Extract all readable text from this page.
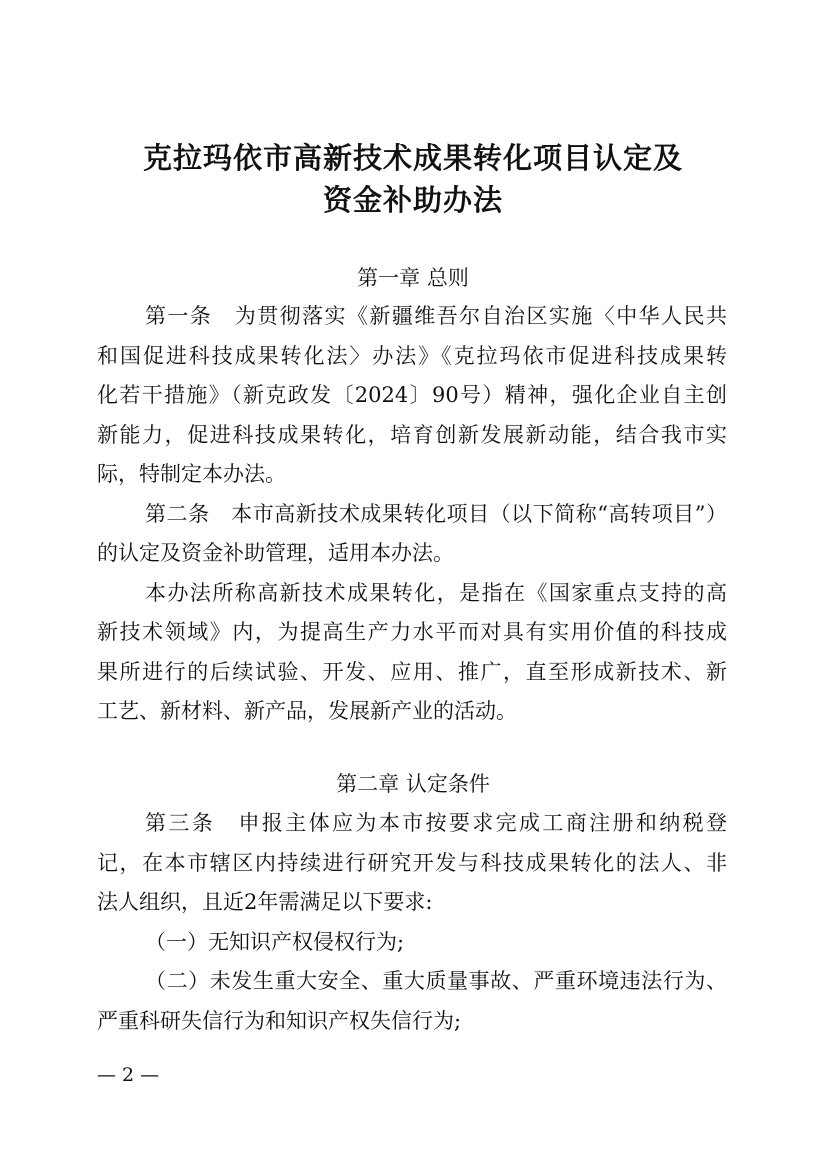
克拉玛依市高新技术成果转化项目认定及
资金补助办法
第一章 总则
第一条　为贯彻落实《新疆维吾尔自治区实施〈中华人民共
和国促进科技成果转化法〉办法》《克拉玛依市促进科技成果转
化若干措施》（新克政发〔2024〕90号）精神，强化企业自主创
新能力，促进科技成果转化，培育创新发展新动能，结合我市实
际，特制定本办法。
第二条　本市高新技术成果转化项目（以下简称“高转项目”）
的认定及资金补助管理，适用本办法。
本办法所称高新技术成果转化，是指在《国家重点支持的高
新技术领域》内，为提高生产力水平而对具有实用价值的科技成
果所进行的后续试验、开发、应用、推广，直至形成新技术、新
工艺、新材料、新产品，发展新产业的活动。
第二章 认定条件
第三条　申报主体应为本市按要求完成工商注册和纳税登
记，在本市辖区内持续进行研究开发与科技成果转化的法人、非
法人组织，且近2年需满足以下要求:
（一）无知识产权侵权行为;
（二）未发生重大安全、重大质量事故、严重环境违法行为、
严重科研失信行为和知识产权失信行为;
— 2 —
